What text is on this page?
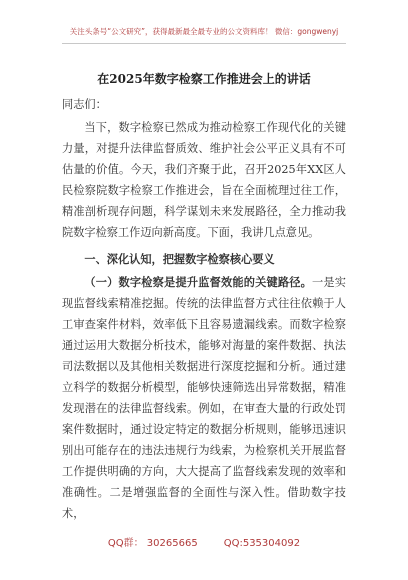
关注头条号“公文研究”，获得最新最全最专业的公文资料库！ 微信：gongwenyj
在2025年数字检察工作推进会上的讲话

同志们：

当下，数字检察已然成为推动检察工作现代化的关键力量，对提升法律监督质效、维护社会公平正义具有不可估量的价值。今天，我们齐聚于此，召开2025年XX区人民检察院数字检察工作推进会，旨在全面梳理过往工作，精准剖析现存问题，科学谋划未来发展路径，全力推动我院数字检察工作迈向新高度。下面，我讲几点意见。

一、深化认知，把握数字检察核心要义

（一）数字检察是提升监督效能的关键路径。一是实现监督线索精准挖掘。传统的法律监督方式往往依赖于人工审查案件材料，效率低下且容易遗漏线索。而数字检察通过运用大数据分析技术，能够对海量的案件数据、执法司法数据以及其他相关数据进行深度挖掘和分析。通过建立科学的数据分析模型，能够快速筛选出异常数据，精准发现潜在的法律监督线索。例如，在审查大量的行政处罚案件数据时，通过设定特定的数据分析规则，能够迅速识别出可能存在的违法违规行为线索，为检察机关开展监督工作提供明确的方向，大大提高了监督线索发现的效率和准确性。二是增强监督的全面性与深入性。借助数字技术，

QQ群： 30265665	QQ:535304092
